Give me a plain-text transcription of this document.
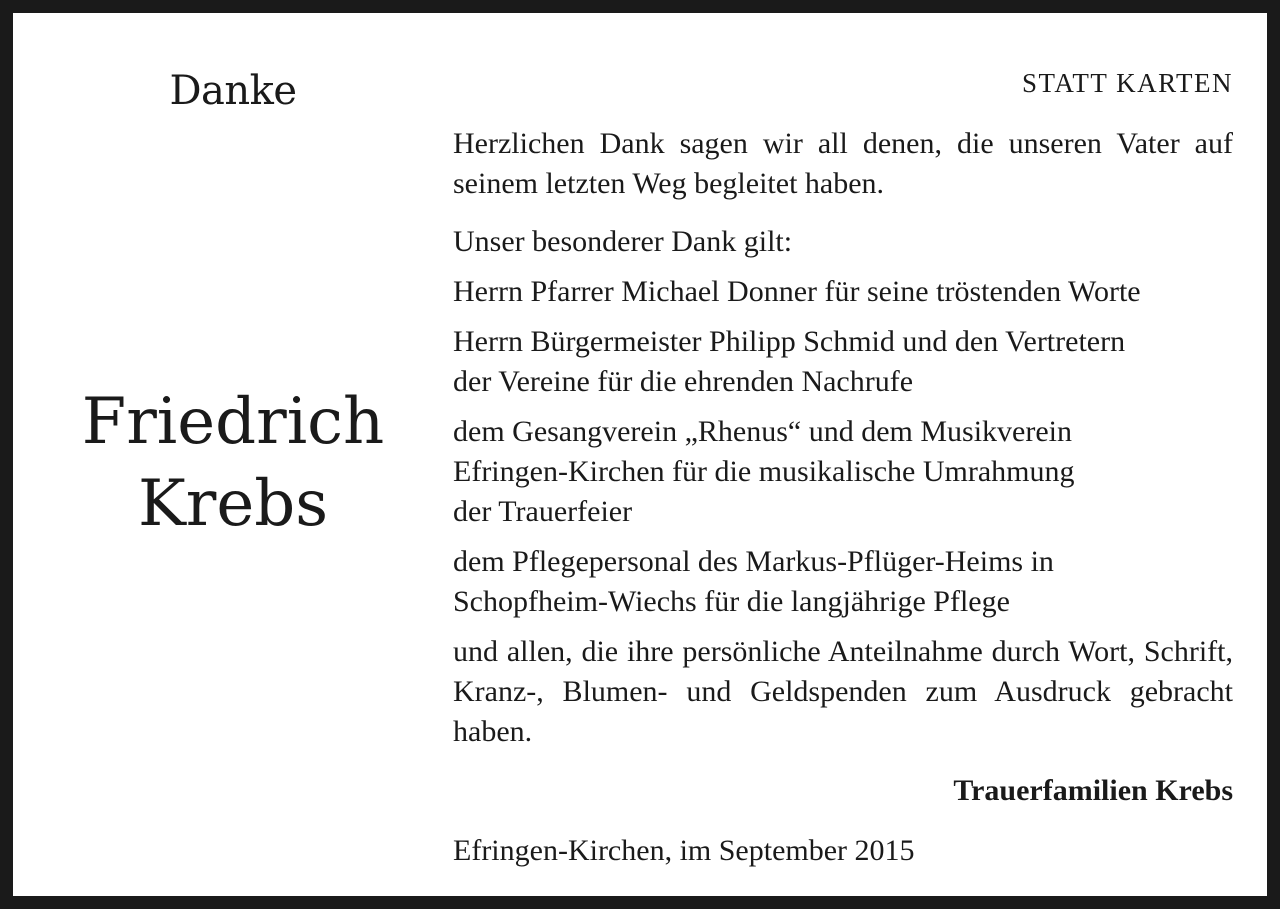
Danke
Friedrich
Krebs
STATT KARTEN

Herzlichen Dank sagen wir all denen, die unseren Vater auf seinem letzten Weg begleitet haben.

Unser besonderer Dank gilt:

Herrn Pfarrer Michael Donner für seine tröstenden Worte

Herrn Bürgermeister Philipp Schmid und den Vertretern
der Vereine für die ehrenden Nachrufe

dem Gesangverein „Rhenus“ und dem Musikverein
Efringen-Kirchen für die musikalische Umrahmung
der Trauerfeier

dem Pflegepersonal des Markus-Pflüger-Heims in
Schopfheim-Wiechs für die langjährige Pflege

und allen, die ihre persönliche Anteilnahme durch Wort, Schrift, Kranz-, Blumen- und Geldspenden zum Ausdruck gebracht haben.

Trauerfamilien Krebs
Efringen-Kirchen, im September 2015
